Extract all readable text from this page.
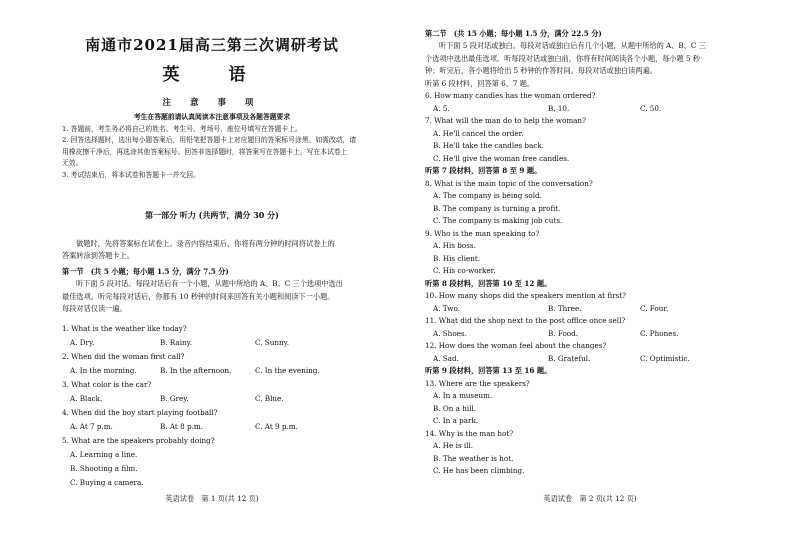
南通市2021届高三第三次调研考试
英　语
注 意 事 项
考生在答题前请认真阅读本注意事项及各题答题要求
1. 答题前，考生务必将自己的姓名、考生号、考场号、座位号填写在答题卡上。
2. 回答选择题时，选出每小题答案后，用铅笔把答题卡上对应题目的答案标号涂黑。如需改动，请
用橡皮擦干净后，再选涂其他答案标号。回答非选择题时，将答案写在答题卡上，写在本试卷上
无效。
3. 考试结束后，将本试卷和答题卡一并交回。
第一部分 听力 (共两节，满分 30 分)
做题时，先将答案标在试卷上。录音内容结束后，你将有两分钟的时间将试卷上的
答案转涂到答题卡上。
第一节　(共 5 小题；每小题 1.5 分，满分 7.5 分)
听下面 5 段对话。每段对话后有一个小题，从题中所给的 A、B、C 三个选项中选出
最佳选项。听完每段对话后，你都有 10 秒钟的时间来回答有关小题和阅读下一小题。
每段对话仅读一遍。
1. What is the weather like today?
A. Dry.	B. Rainy.	C. Sunny.
2. When did the woman first call?
A. In the morning.	B. In the afternoon.	C. In the evening.
3. What color is the car?
A. Black.	B. Grey.	C. Blue.
4. When did the boy start playing football?
A. At 7 p.m.	B. At 8 p.m.	C. At 9 p.m.
5. What are the speakers probably doing?
A. Learning a line.
B. Shooting a film.
C. Buying a camera.
英语试卷　第 1 页(共 12 页)
第二节　(共 15 小题；每小题 1.5 分，满分 22.5 分)
听下面 5 段对话或独白。每段对话或独白后有几个小题，从题中所给的 A、B、C 三
个选项中选出最佳选项。听每段对话或独白前，你将有时间阅读各个小题，每小题 5 秒
钟；听完后，各小题将给出 5 秒钟的作答时间。每段对话或独白读两遍。
听第 6 段材料，回答第 6、7 题。
6. How many candles has the woman ordered?
A. 5.	B. 10.	C. 50.
7. What will the man do to help the woman?
A. He'll cancel the order.
B. He'll take the candles back.
C. He'll give the woman free candles.
听第 7 段材料，回答第 8 至 9 题。
8. What is the main topic of the conversation?
A. The company is being sold.
B. The company is turning a profit.
C. The company is making job cuts.
9. Who is the man speaking to?
A. His boss.
B. His client.
C. His co-worker.
听第 8 段材料，回答第 10 至 12 题。
10. How many shops did the speakers mention at first?
A. Two.	B. Three.	C. Four.
11. What did the shop next to the post office once sell?
A. Shoes.	B. Food.	C. Phones.
12. How does the woman feel about the changes?
A. Sad.	B. Grateful.	C. Optimistic.
听第 9 段材料，回答第 13 至 16 题。
13. Where are the speakers?
A. In a museum.
B. On a hill.
C. In a park.
14. Why is the man hot?
A. He is ill.
B. The weather is hot.
C. He has been climbing.
英语试卷　第 2 页(共 12 页)
